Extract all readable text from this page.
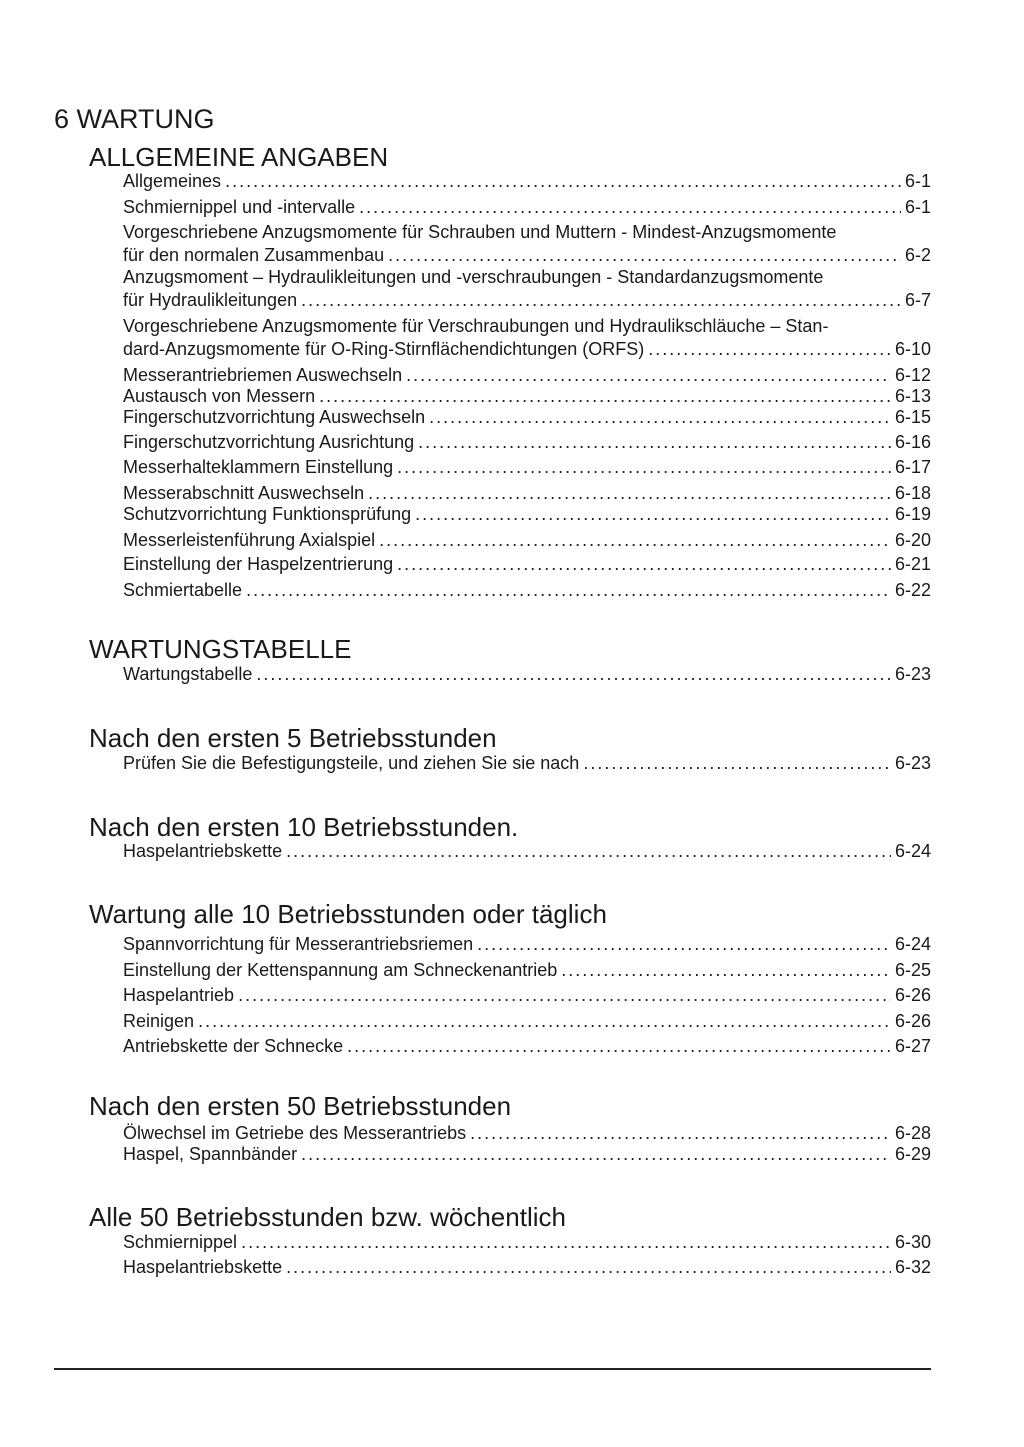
6 WARTUNG
ALLGEMEINE ANGABEN
Allgemeines .....	6-1
Schmiernippel und -intervalle .....	6-1
Vorgeschriebene Anzugsmomente für Schrauben und Muttern - Mindest-Anzugsmomente
für den normalen Zusammenbau .....	6-2
Anzugsmoment – Hydraulikleitungen und -verschraubungen - Standardanzugsmomente
für Hydraulikleitungen .....	6-7
Vorgeschriebene Anzugsmomente für Verschraubungen und Hydraulikschläuche – Stan-
dard-Anzugsmomente für O-Ring-Stirnflächendichtungen (ORFS) .....	6-10
Messerantriebriemen Auswechseln .....	6-12
Austausch von Messern .....	6-13
Fingerschutzvorrichtung Auswechseln .....	6-15
Fingerschutzvorrichtung Ausrichtung .....	6-16
Messerhalteklammern Einstellung .....	6-17
Messerabschnitt Auswechseln .....	6-18
Schutzvorrichtung Funktionsprüfung .....	6-19
Messerleistenführung Axialspiel .....	6-20
Einstellung der Haspelzentrierung .....	6-21
Schmiertabelle .....	6-22
WARTUNGSTABELLE
Wartungstabelle .....	6-23
Nach den ersten 5 Betriebsstunden
Prüfen Sie die Befestigungsteile, und ziehen Sie sie nach .....	6-23
Nach den ersten 10 Betriebsstunden.
Haspelantriebskette .....	6-24
Wartung alle 10 Betriebsstunden oder täglich
Spannvorrichtung für Messerantriebsriemen .....	6-24
Einstellung der Kettenspannung am Schneckenantrieb .....	6-25
Haspelantrieb .....	6-26
Reinigen .....	6-26
Antriebskette der Schnecke .....	6-27
Nach den ersten 50 Betriebsstunden
Ölwechsel im Getriebe des Messerantriebs .....	6-28
Haspel, Spannbänder .....	6-29
Alle 50 Betriebsstunden bzw. wöchentlich
Schmiernippel .....	6-30
Haspelantriebskette .....	6-32
